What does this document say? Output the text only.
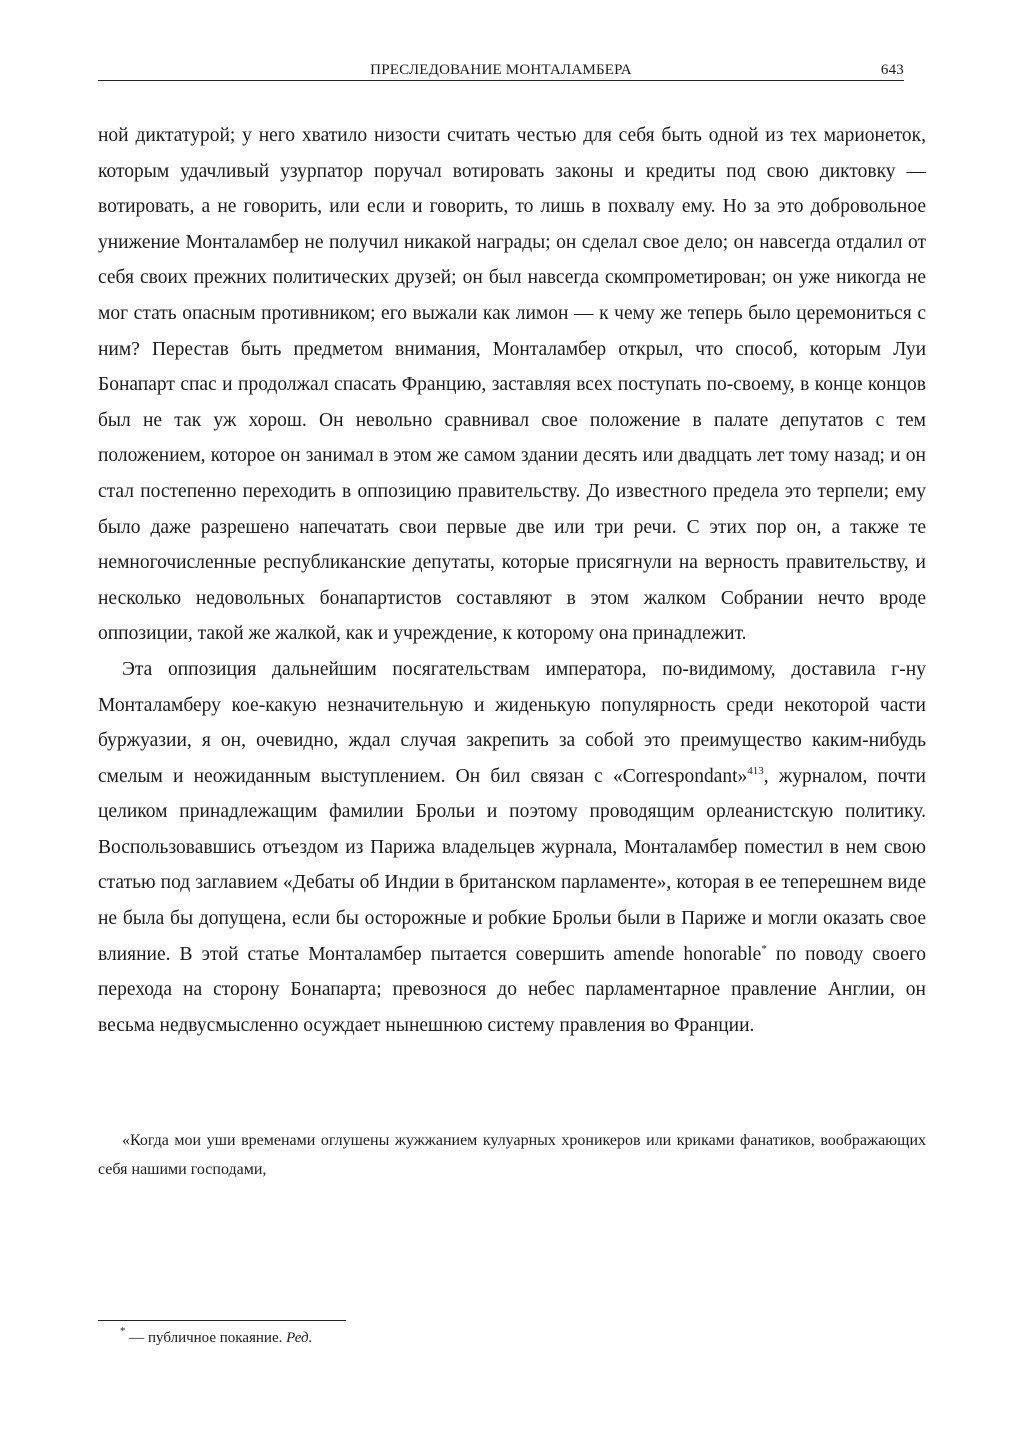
ПРЕСЛЕДОВАНИЕ МОНТАЛАМБЕРА	643

ной диктатурой; у него хватило низости считать честью для себя быть одной из тех марионеток, которым удачливый узурпатор поручал вотировать законы и кредиты под свою диктовку — вотировать, а не говорить, или если и говорить, то лишь в похвалу ему. Но за это добровольное унижение Монталамбер не получил никакой награды; он сделал свое дело; он навсегда отдалил от себя своих прежних политических друзей; он был навсегда скомпрометирован; он уже никогда не мог стать опасным противником; его выжали как лимон — к чему же теперь было церемониться с ним? Перестав быть предметом внимания, Монталамбер открыл, что способ, которым Луи Бонапарт спас и продолжал спасать Францию, заставляя всех поступать по-своему, в конце концов был не так уж хорош. Он невольно сравнивал свое положение в палате депутатов с тем положением, которое он занимал в этом же самом здании десять или двадцать лет тому назад; и он стал постепенно переходить в оппозицию правительству. До известного предела это терпели; ему было даже разрешено напечатать свои первые две или три речи. С этих пор он, а также те немногочисленные республиканские депутаты, которые присягнули на верность правительству, и несколько недовольных бонапартистов составляют в этом жалком Собрании нечто вроде оппозиции, такой же жалкой, как и учреждение, к которому она принадлежит.

Эта оппозиция дальнейшим посягательствам императора, по-видимому, доставила г-ну Монталамберу кое-какую незначительную и жиденькую популярность среди некоторой части буржуазии, я он, очевидно, ждал случая закрепить за собой это преимущество каким-нибудь смелым и неожиданным выступлением. Он бил связан с «Correspondant»$^{413}$, журналом, почти целиком принадлежащим фамилии Брольи и поэтому проводящим орлеанистскую политику. Воспользовавшись отъездом из Парижа владельцев журнала, Монталамбер поместил в нем свою статью под заглавием «Дебаты об Индии в британском парламенте», которая в ее теперешнем виде не была бы допущена, если бы осторожные и робкие Брольи были в Париже и могли оказать свое влияние. В этой статье Монталамбер пытается совершить amende honorable* по поводу своего перехода на сторону Бонапарта; превознося до небес парламентарное правление Англии, он весьма недвусмысленно осуждает нынешнюю систему правления во Франции.

«Когда мои уши временами оглушены жужжанием кулуарных хроникеров или криками фанатиков, воображающих себя нашими господами,
* — публичное покаяние. Ред.
